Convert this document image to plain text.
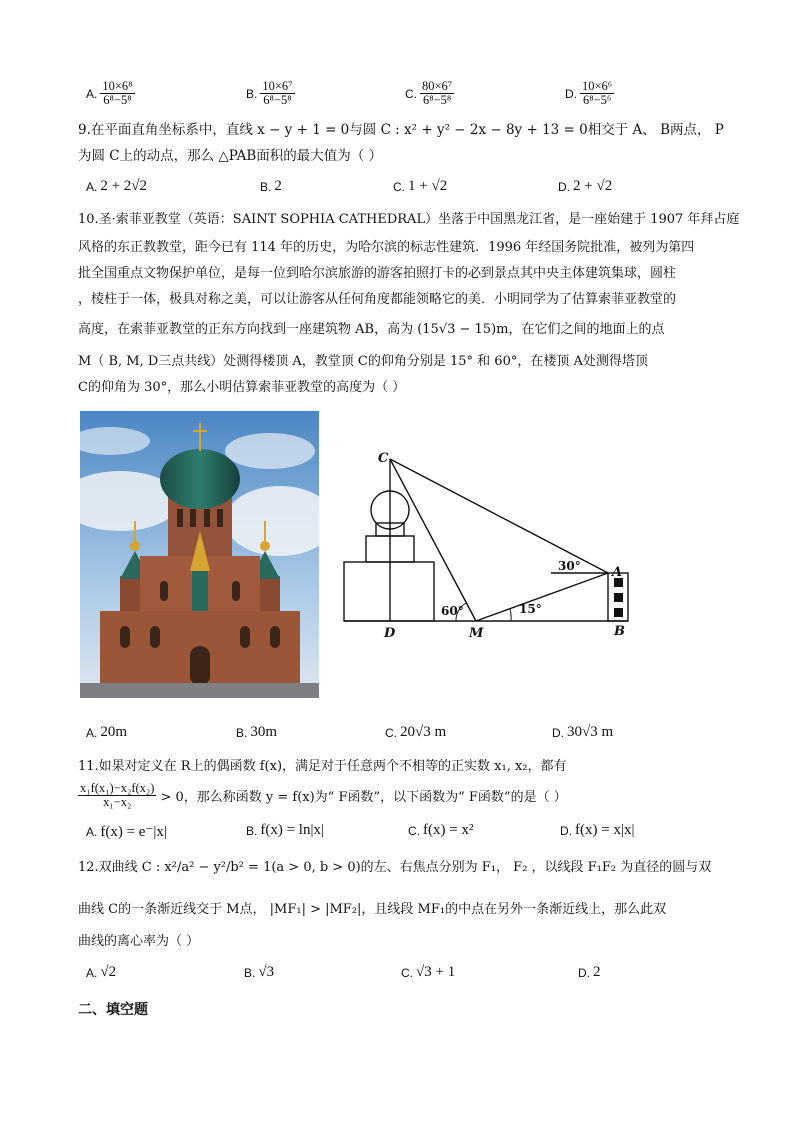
A. $\frac{\text{10×6⁸}}{\text{6⁸−5⁸}}$	B. $\frac{\text{10×6⁷}}{\text{6⁸−5⁸}}$	C. $\frac{\text{80×6⁷}}{\text{6⁸−5⁸}}$	D. $\frac{\text{10×6⁶}}{\text{6⁸−5⁶}}$
9.在平面直角坐标系中，直线 x − y + 1 = 0与圆 C : x² + y² − 2x − 8y + 13 = 0相交于 A、 B两点， P
为圆 C上的动点，那么 △PAB面积的最大值为（ ）
A. 2 + 2√2	B. 2	C. 1 + √2	D. 2 + √2
10.圣·索菲亚教堂（英语：SAINT SOPHIA CATHEDRAL）坐落于中国黑龙江省，是一座始建于 1907 年拜占庭
风格的东正教教堂，距今已有 114 年的历史，为哈尔滨的标志性建筑．1996 年经国务院批准，被列为第四
批全国重点文物保护单位，是每一位到哈尔滨旅游的游客拍照打卡的必到景点其中央主体建筑集球，圆柱
，棱柱于一体，极具对称之美，可以让游客从任何角度都能领略它的美．小明同学为了估算索菲亚教堂的
高度，在索菲亚教堂的正东方向找到一座建筑物 AB，高为 (15√3 − 15)m，在它们之间的地面上的点
M（ B, M, D三点共线）处测得楼顶 A，教堂顶 C的仰角分别是 15° 和 60°，在楼顶 A处测得塔顶
C的仰角为 30°，那么小明估算索菲亚教堂的高度为（ ）
C
A
B
D	M
30°
60°	15°
A. 20m	B. 30m	C. 20√3 m	D. 30√3 m
11.如果对定义在 R上的偶函数 f(x)，满足对于任意两个不相等的正实数 x₁, x₂，都有
$\frac{\text{x₁f(x₁)−x₂f(x₂)}}{\text{x₁−x₂}} > 0$，那么称函数 y = f(x)为“ F函数”，以下函数为“ F函数”的是（ ）
A. f(x) = e⁻|x|	B. f(x) = ln|x|	C. f(x) = x²	D. f(x) = x|x|
12.双曲线 C : x²/a² − y²/b² = 1(a > 0, b > 0)的左、右焦点分别为 F₁， F₂ ，以线段 F₁F₂ 为直径的圆与双
曲线 C的一条渐近线交于 M点， |MF₁| > |MF₂|，且线段 MF₁的中点在另外一条渐近线上，那么此双
曲线的离心率为（ ）
A. √2	B. √3	C. √3 + 1	D. 2
二、填空题
